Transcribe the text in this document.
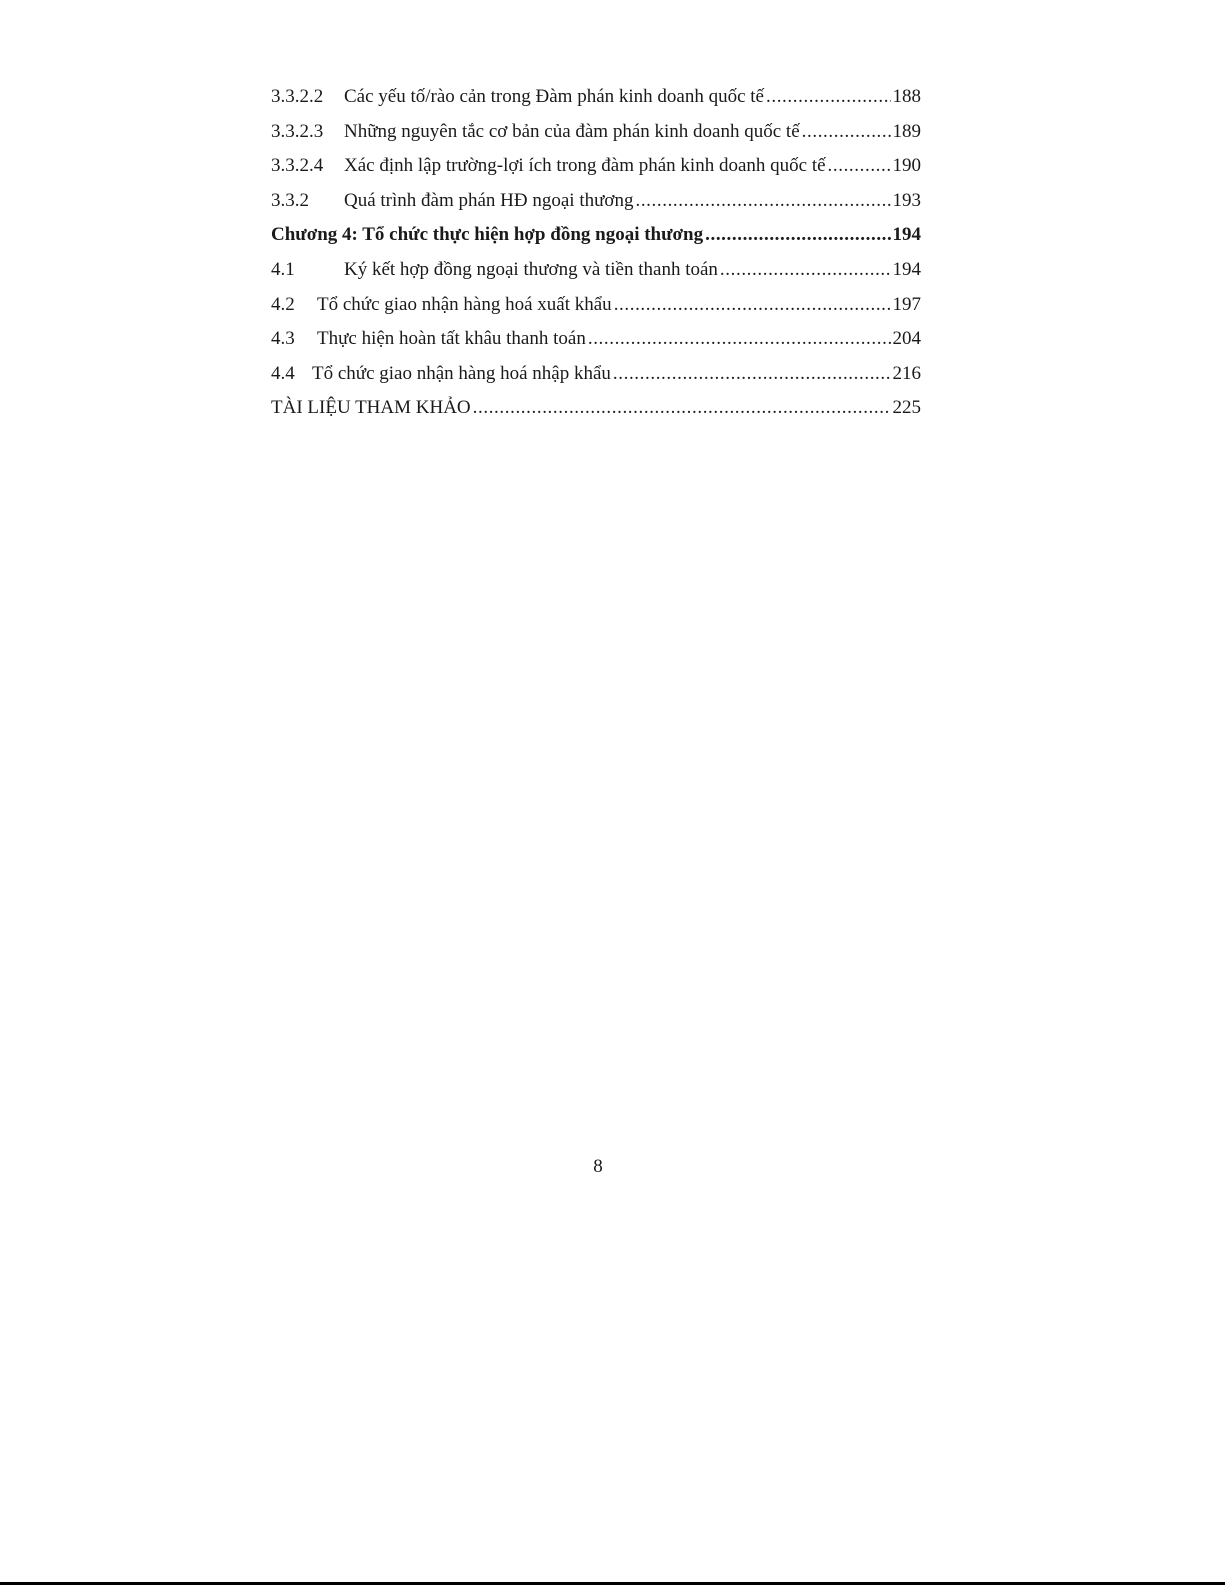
3.3.2.2	Các yếu tố/rào cản trong Đàm phán kinh doanh quốc tế .....	188
3.3.2.3	Những nguyên tắc cơ bản của đàm phán kinh doanh quốc tế .....	189
3.3.2.4	Xác định lập trường-lợi ích trong đàm phán kinh doanh quốc tế .....	190
3.3.2	Quá trình đàm phán HĐ ngoại thương .....	193
Chương 4: Tổ chức thực hiện hợp đồng ngoại thương .....	194
4.1	Ký kết hợp đồng ngoại thương và tiền thanh toán .....	194
4.2	Tổ chức giao nhận hàng hoá xuất khẩu .....	197
4.3	Thực hiện hoàn tất khâu thanh toán .....	204
4.4 Tổ chức giao nhận hàng hoá nhập khẩu .....	216
TÀI LIỆU THAM KHẢO .....	225
8
